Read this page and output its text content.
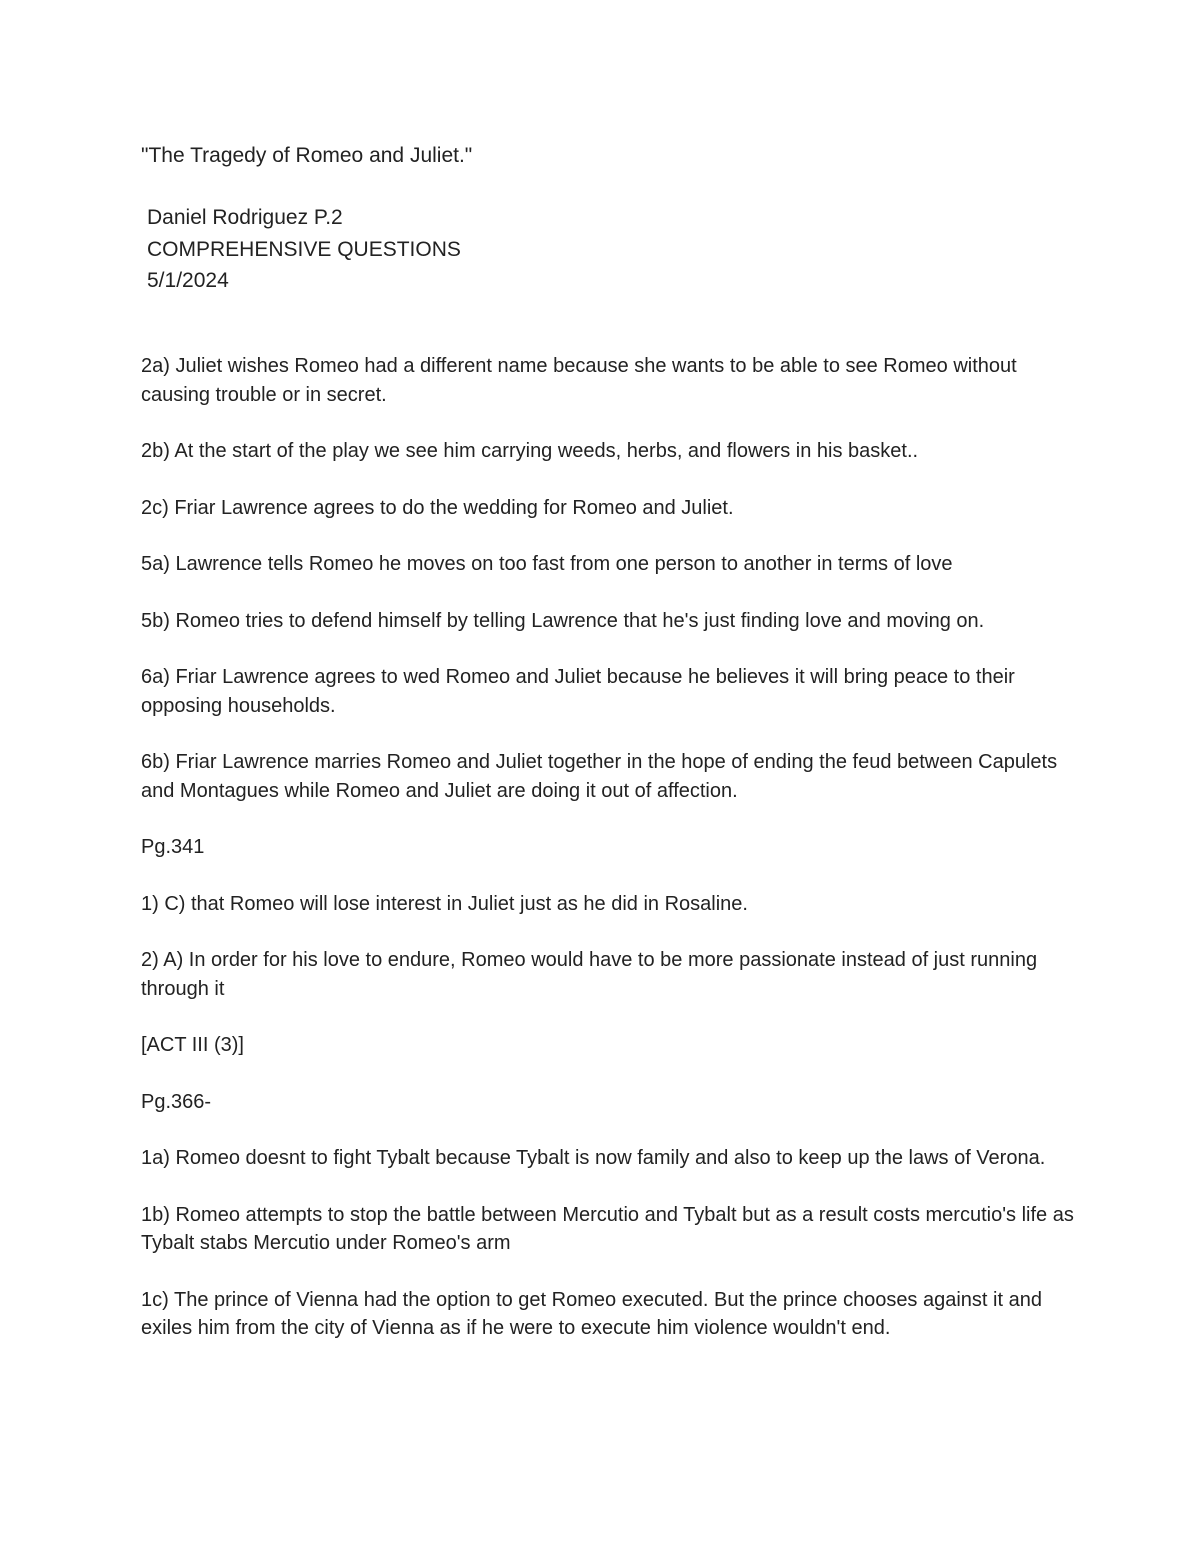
"The Tragedy of Romeo and Juliet."
Daniel Rodriguez P.2
COMPREHENSIVE QUESTIONS
5/1/2024

2a) Juliet wishes Romeo had a different name because she wants to be able to see Romeo without causing trouble or in secret.

2b) At the start of the play we see him carrying weeds, herbs, and flowers in his basket..

2c) Friar Lawrence agrees to do the wedding for Romeo and Juliet.

5a) Lawrence tells Romeo he moves on too fast from one person to another in terms of love

5b) Romeo tries to defend himself by telling Lawrence that he's just finding love and moving on.

6a) Friar Lawrence agrees to wed Romeo and Juliet because he believes it will bring peace to their opposing households.

6b) Friar Lawrence marries Romeo and Juliet together in the hope of ending the feud between Capulets and Montagues while Romeo and Juliet are doing it out of affection.

Pg.341

1) C) that Romeo will lose interest in Juliet just as he did in Rosaline.

2) A) In order for his love to endure, Romeo would have to be more passionate instead of just running through it

[ACT III (3)]

Pg.366-

1a) Romeo doesnt to fight Tybalt because Tybalt is now family and also to keep up the laws of Verona.

1b) Romeo attempts to stop the battle between Mercutio and Tybalt but as a result costs mercutio's life as Tybalt stabs Mercutio under Romeo's arm

1c) The prince of Vienna had the option to get Romeo executed. But the prince chooses against it and exiles him from the city of Vienna as if he were to execute him violence wouldn't end.
